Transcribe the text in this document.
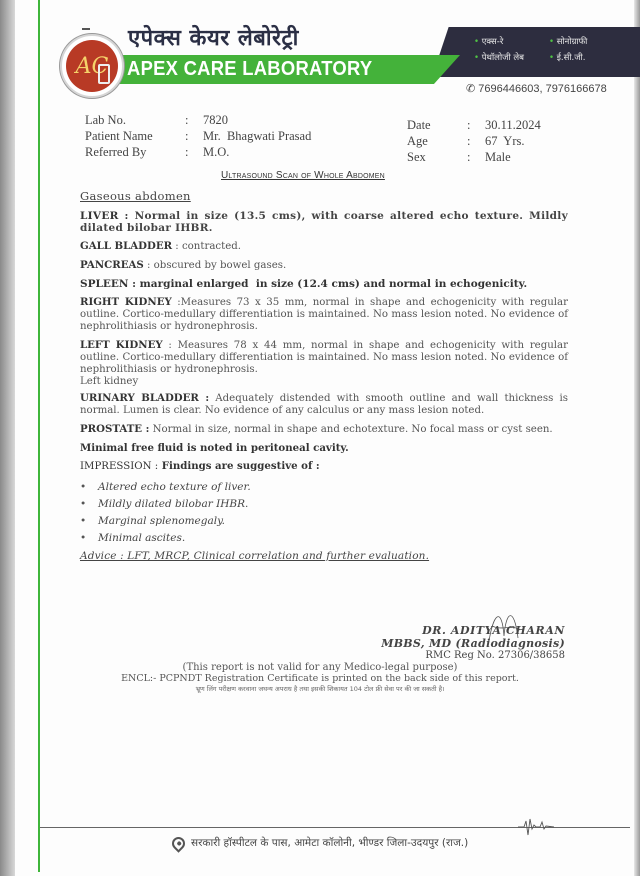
AC
एपेक्स केयर लेबोरेट्री
APEX CARE LABORATORY
• एक्स-रे	• सोनोग्राफी
• पेथॉलोजी लेब	• ई.सी.जी.
✆ 7696446603, 7976166678
Lab No.	:	7820
Patient Name	:	Mr.  Bhagwati Prasad
Referred By	:	M.O.
Date	:	30.11.2024
Age	:	67  Yrs.
Sex	:	Male
Ultrasound Scan of Whole Abdomen

Gaseous abdomen

LIVER : Normal in size (13.5 cms), with coarse altered echo texture. Mildly dilated bilobar IHBR.

GALL BLADDER : contracted.

PANCREAS : obscured by bowel gases.

SPLEEN : marginal enlarged  in size (12.4 cms) and normal in echogenicity.

RIGHT KIDNEY :Measures 73 x 35 mm, normal in shape and echogenicity with regular outline. Cortico-medullary differentiation is maintained. No mass lesion noted. No evidence of nephrolithiasis or hydronephrosis.

LEFT KIDNEY : Measures 78 x 44 mm, normal in shape and echogenicity with regular outline. Cortico-medullary differentiation is maintained. No mass lesion noted. No evidence of nephrolithiasis or hydronephrosis.
Left kidney

URINARY BLADDER : Adequately distended with smooth outline and wall thickness is normal. Lumen is clear. No evidence of any calculus or any mass lesion noted.

PROSTATE : Normal in size, normal in shape and echotexture. No focal mass or cyst seen.

Minimal free fluid is noted in peritoneal cavity.

IMPRESSION : Findings are suggestive of :

• Altered echo texture of liver.
• Mildly dilated bilobar IHBR.
• Marginal splenomegaly.
• Minimal ascites.

Advice : LFT, MRCP, Clinical correlation and further evaluation.

DR. ADITYA CHARAN
MBBS, MD (Radiodiagnosis)
RMC Reg No. 27306/38658
(This report is not valid for any Medico-legal purpose)
ENCL:- PCPNDT Registration Certificate is printed on the back side of this report.
भ्रूण लिंग परीक्षण करवाना जघन्य अपराध है तथा इसकी शिकायत 104 टोल फ्री सेवा पर की जा सकती है।
सरकारी हॉस्पीटल के पास, आमेटा कॉलोनी, भीण्डर जिला-उदयपुर (राज.)
